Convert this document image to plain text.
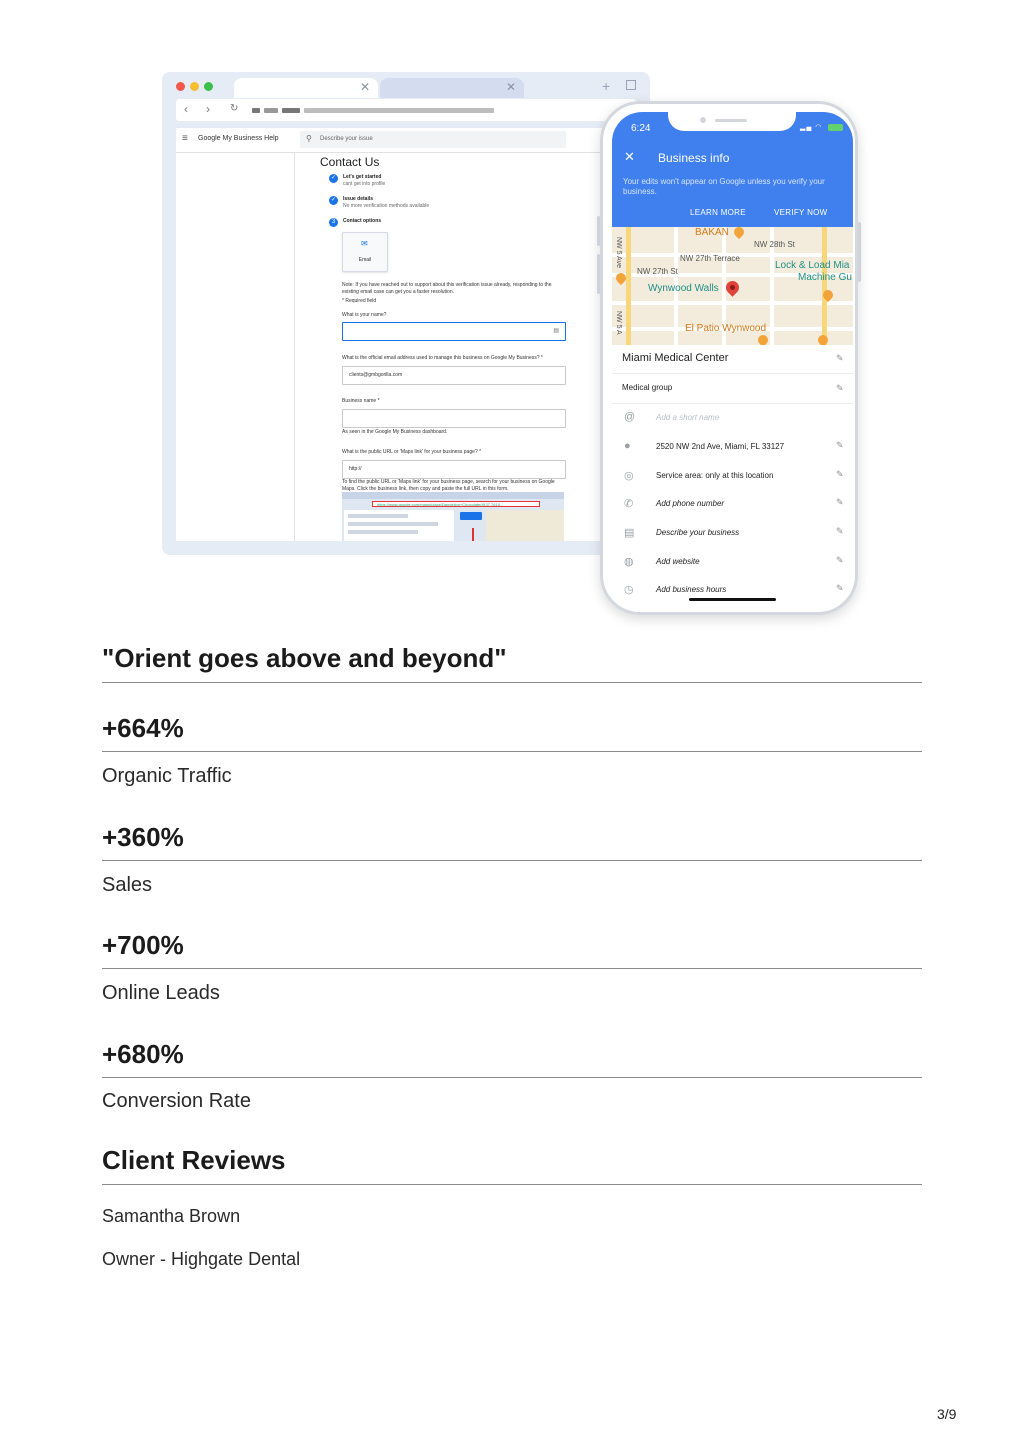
✕	✕	+
‹ › ↻
≡ Google My Business Help	⚲ Describe your issue
Contact Us
✓	Let's get started
cant get into profile
✓	Issue details
No more verification methods available
3	Contact options
✉
Email
Note: If you have reached out to support about this verification issue already, responding to the existing email case can get you a faster resolution.
* Required field
What is your name?
▤
What is the official email address used to manage this business on Google My Business? *
clients@gmbgorilla.com
Business name *
As seen in the Google My Business dashboard.
What is the public URL or 'Maps link' for your business page? *
http://
To find the public URL or 'Maps link' for your business page, search for your business on Google Maps. Click the business link, then copy and paste the full URL in this form.
https://www.google.com/maps/place/Dandelion+Chocolate/@37.7610...
6:24	▂▄ ◠
✕ Business info
Your edits won't appear on Google unless you verify your business.
LEARN MORE	VERIFY NOW
BAKAN
NW 28th St
NW 27th Terrace
NW 27th St
Lock & Load Mia
Machine Gu
Wynwood Walls
El Patio Wynwood
NW 5 Ave
NW 5 A
Miami Medical Center	✎
Medical group	✎
@	Add a short name
●	2520 NW 2nd Ave, Miami, FL 33127	✎
◎	Service area: only at this location	✎
✆	Add phone number	✎
▤	Describe your business	✎
◍	Add website	✎
◷	Add business hours	✎
"Orient goes above and beyond"
+664%
Organic Traffic
+360%
Sales
+700%
Online Leads
+680%
Conversion Rate
Client Reviews
Samantha Brown
Owner - Highgate Dental
3/9
